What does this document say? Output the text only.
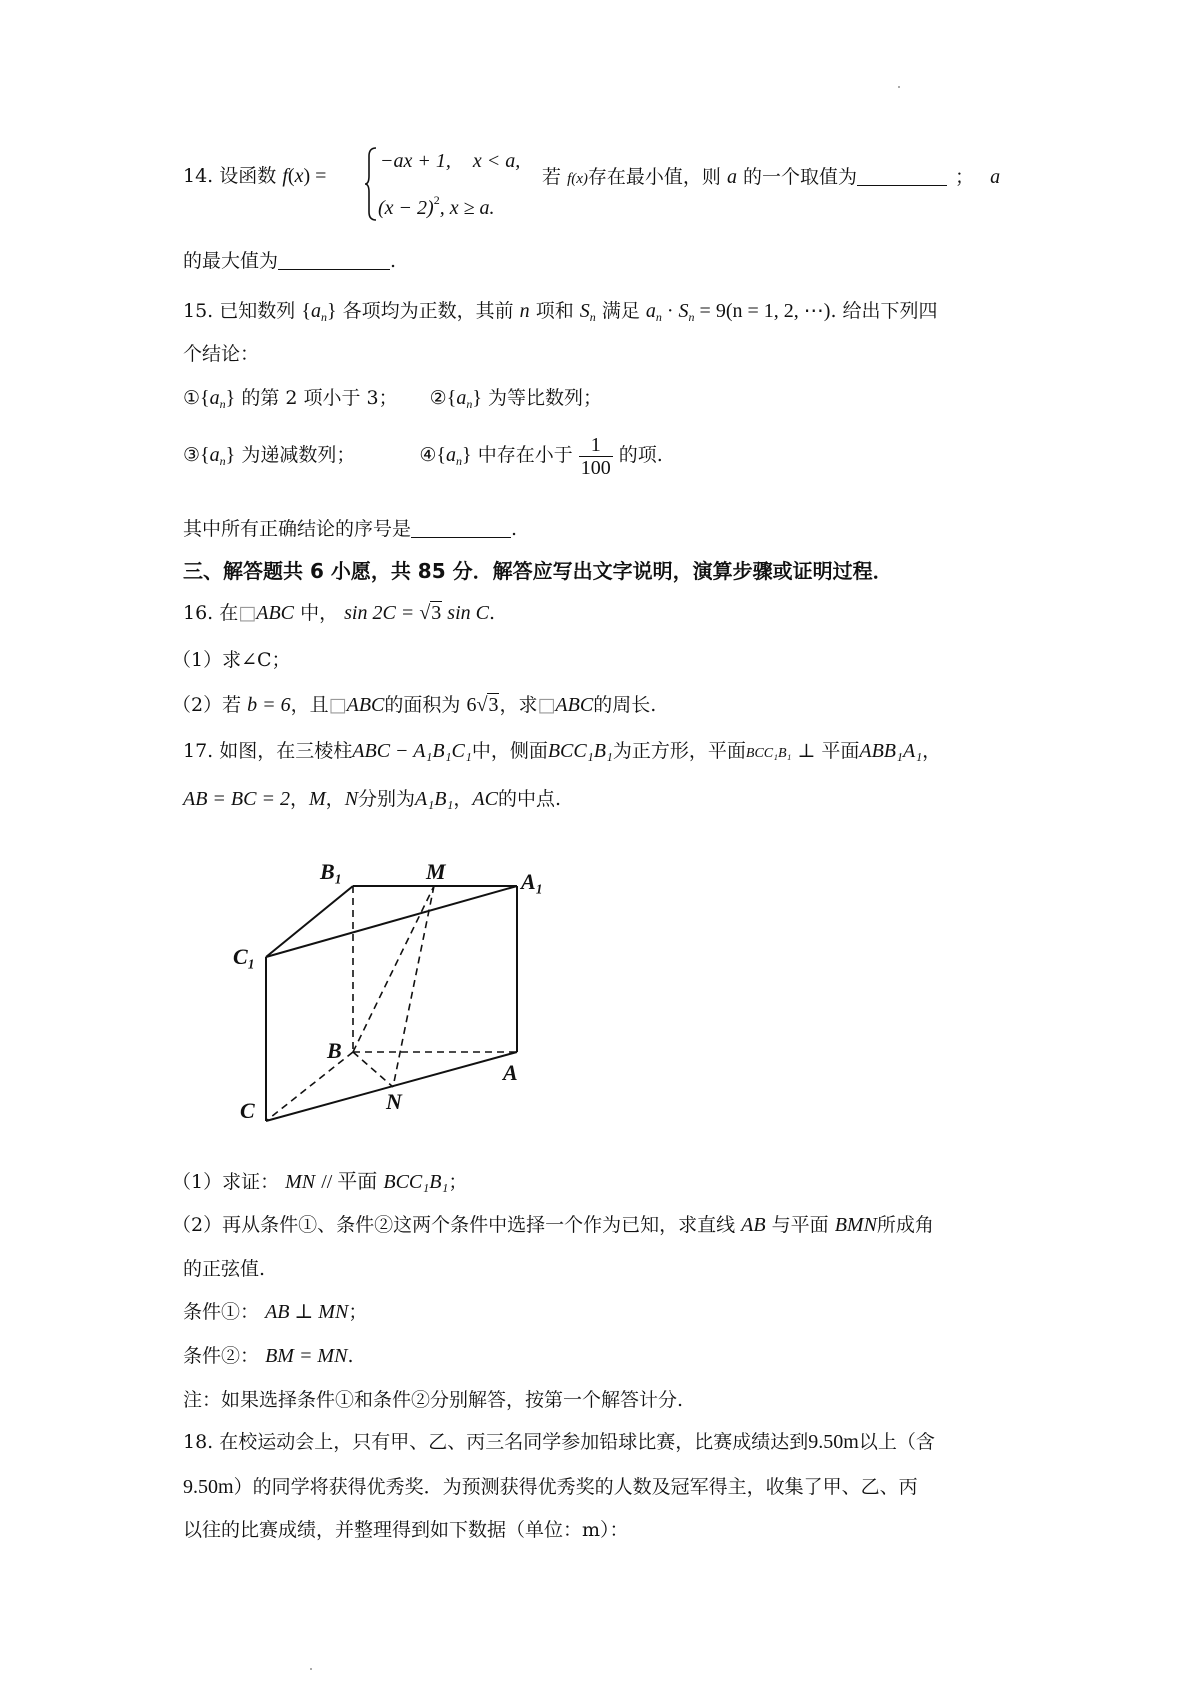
14. 设函数 f(x) =
−ax + 1, x < a,
$(x - 2)^2$, x ≥ a.
若 f(x)存在最小值，则 a 的一个取值为	； a
的最大值为	.
15. 已知数列 $\{a_n\}$ 各项均为正数，其前 n 项和 $S_n$ 满足 $a_n \cdot S_n = 9(n = 1$, 2, ⋯). 给出下列四
个结论：
$①\{a_n\}$ 的第 2 项小于 3； $②\{a_n\}$ 为等比数列；
$③\{a_n\}$ 为递减数列；	$④\{a_n\}$ 中存在小于 $\frac{1}{100}$ 的项.
其中所有正确结论的序号是	.
三、解答题共 6 小愿，共 85 分．解答应写出文字说明，演算步骤或证明过程．
16. 在□ABC 中， sin 2C = √3 sin C.
（1）求∠C；
（2）若 b = 6，且□ABC的面积为 6√3，求□ABC的周长.
17. 如图，在三棱柱ABC − A₁B₁C₁中，侧面BCC₁B₁为正方形，平面BCC₁B₁ ⊥ 平面ABB₁A₁，
AB = BC = 2，M，N分别为A₁B₁，AC的中点.
B₁	M	A₁
C₁
B
A
C	N
（1）求证： MN // 平面 BCC₁B₁；
（2）再从条件①、条件②这两个条件中选择一个作为已知，求直线 AB 与平面 BMN所成角
的正弦值.
条件①： AB ⊥ MN；
条件②： BM = MN.
注：如果选择条件①和条件②分别解答，按第一个解答计分.
18. 在校运动会上，只有甲、乙、丙三名同学参加铅球比赛，比赛成绩达到9.50m以上（含
9.50m）的同学将获得优秀奖．为预测获得优秀奖的人数及冠军得主，收集了甲、乙、丙
以往的比赛成绩，并整理得到如下数据（单位：m）：
